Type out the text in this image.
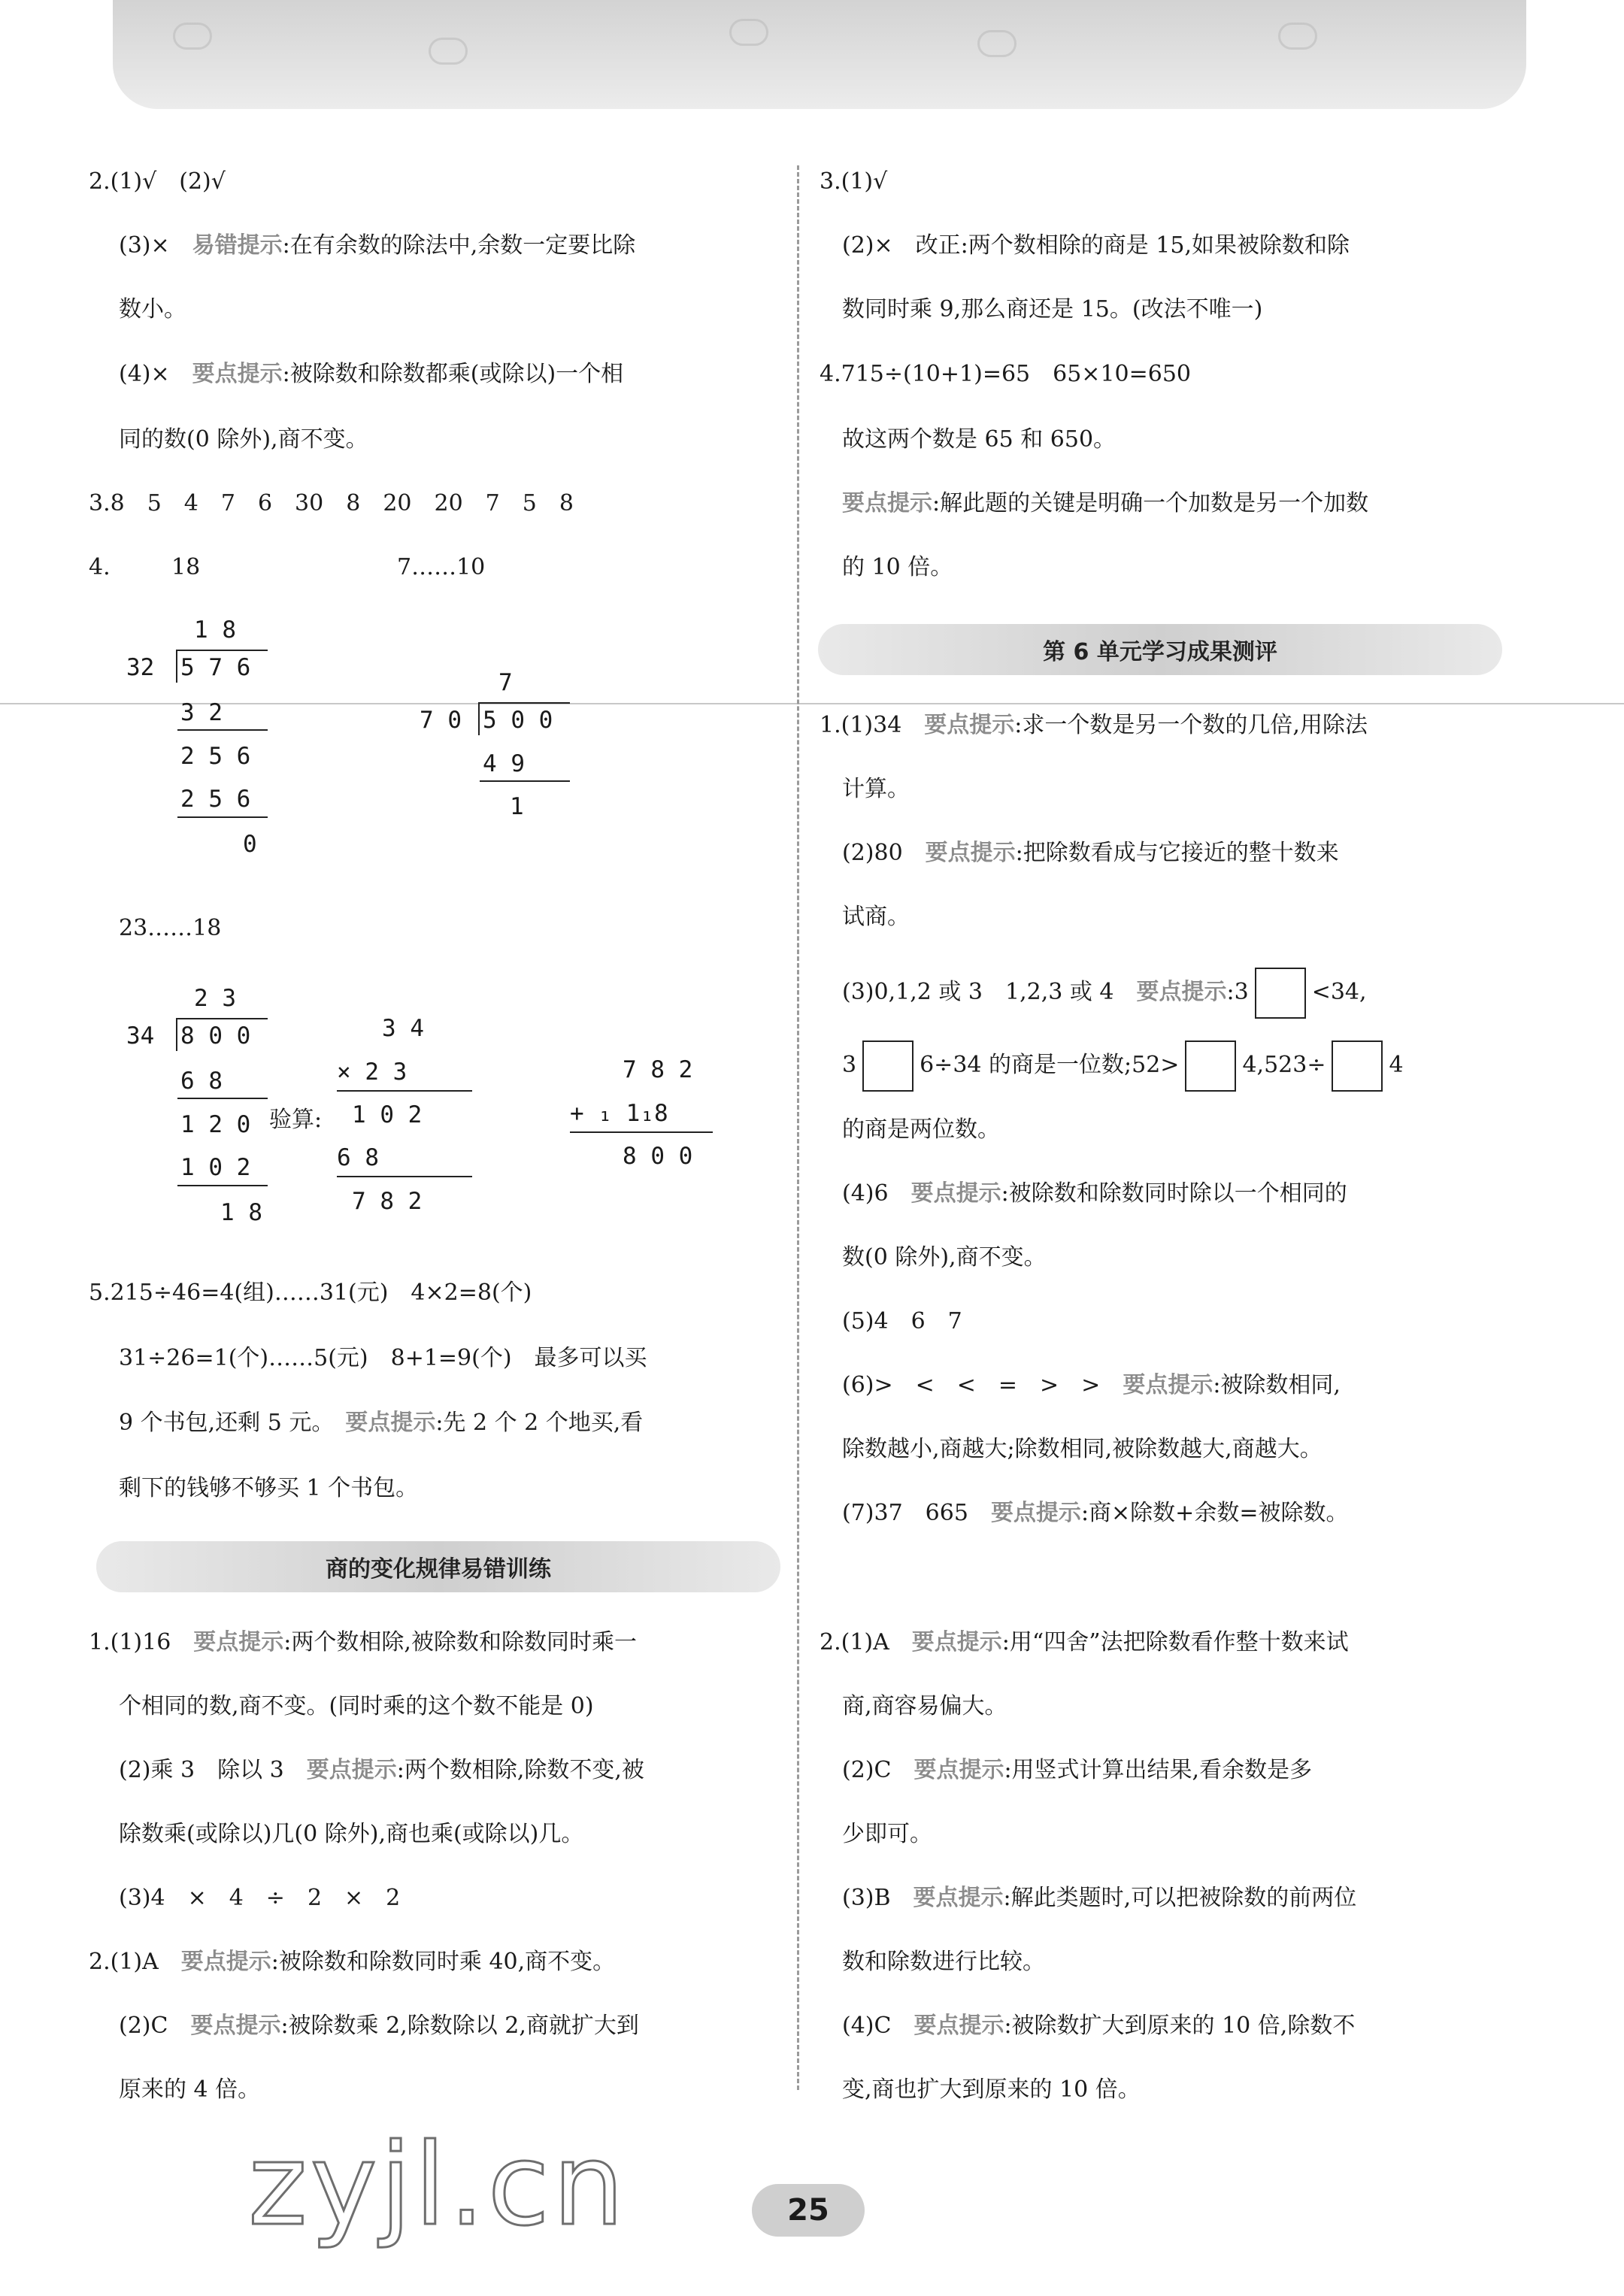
2.(1)√　(2)√
(3)×　易错提示:在有余数的除法中,余数一定要比除
数小。
(4)×　要点提示:被除数和除数都乘(或除以)一个相
同的数(0 除外),商不变。
3.8　5　4　7　6　30　8　20　20　7　5　8
4.	18	7……10
1 8
32 5 7 6
3 2
2 5 6
2 5 6
0
7
7 0 5 0 0
4 9
1
23……18
2 3
34 8 0 0
6 8
1 2 0
1 0 2
1 8
验算:
3 4
× 2 3
1 0 2
6 8
7 8 2
7 8 2
+ ₁ 1₁8
8 0 0
5.215÷46=4(组)……31(元)　4×2=8(个)
31÷26=1(个)……5(元)　8+1=9(个)　最多可以买
9 个书包,还剩 5 元。　要点提示:先 2 个 2 个地买,看
剩下的钱够不够买 1 个书包。
商的变化规律易错训练
1.(1)16　要点提示:两个数相除,被除数和除数同时乘一
个相同的数,商不变。(同时乘的这个数不能是 0)
(2)乘 3　除以 3　要点提示:两个数相除,除数不变,被
除数乘(或除以)几(0 除外),商也乘(或除以)几。
(3)4　×　4　÷　2　×　2
2.(1)A　要点提示:被除数和除数同时乘 40,商不变。
(2)C　要点提示:被除数乘 2,除数除以 2,商就扩大到
原来的 4 倍。
3.(1)√
(2)×　改正:两个数相除的商是 15,如果被除数和除
数同时乘 9,那么商还是 15。(改法不唯一)
4.715÷(10+1)=65　65×10=650
故这两个数是 65 和 650。
要点提示:解此题的关键是明确一个加数是另一个加数
的 10 倍。
第 6 单元学习成果测评
1.(1)34　要点提示:求一个数是另一个数的几倍,用除法
计算。
(2)80　要点提示:把除数看成与它接近的整十数来
试商。
(3)0,1,2 或 3　1,2,3 或 4　要点提示:3	<34,
3	6÷34 的商是一位数;52>	4,523÷	4
的商是两位数。
(4)6　要点提示:被除数和除数同时除以一个相同的
数(0 除外),商不变。
(5)4　6　7
(6)>　<　<　=　>　>　要点提示:被除数相同,
除数越小,商越大;除数相同,被除数越大,商越大。
(7)37　665　要点提示:商×除数+余数=被除数。
2.(1)A　要点提示:用“四舍”法把除数看作整十数来试
商,商容易偏大。
(2)C　要点提示:用竖式计算出结果,看余数是多
少即可。
(3)B　要点提示:解此类题时,可以把被除数的前两位
数和除数进行比较。
(4)C　要点提示:被除数扩大到原来的 10 倍,除数不
变,商也扩大到原来的 10 倍。
zyjl.cn	25
